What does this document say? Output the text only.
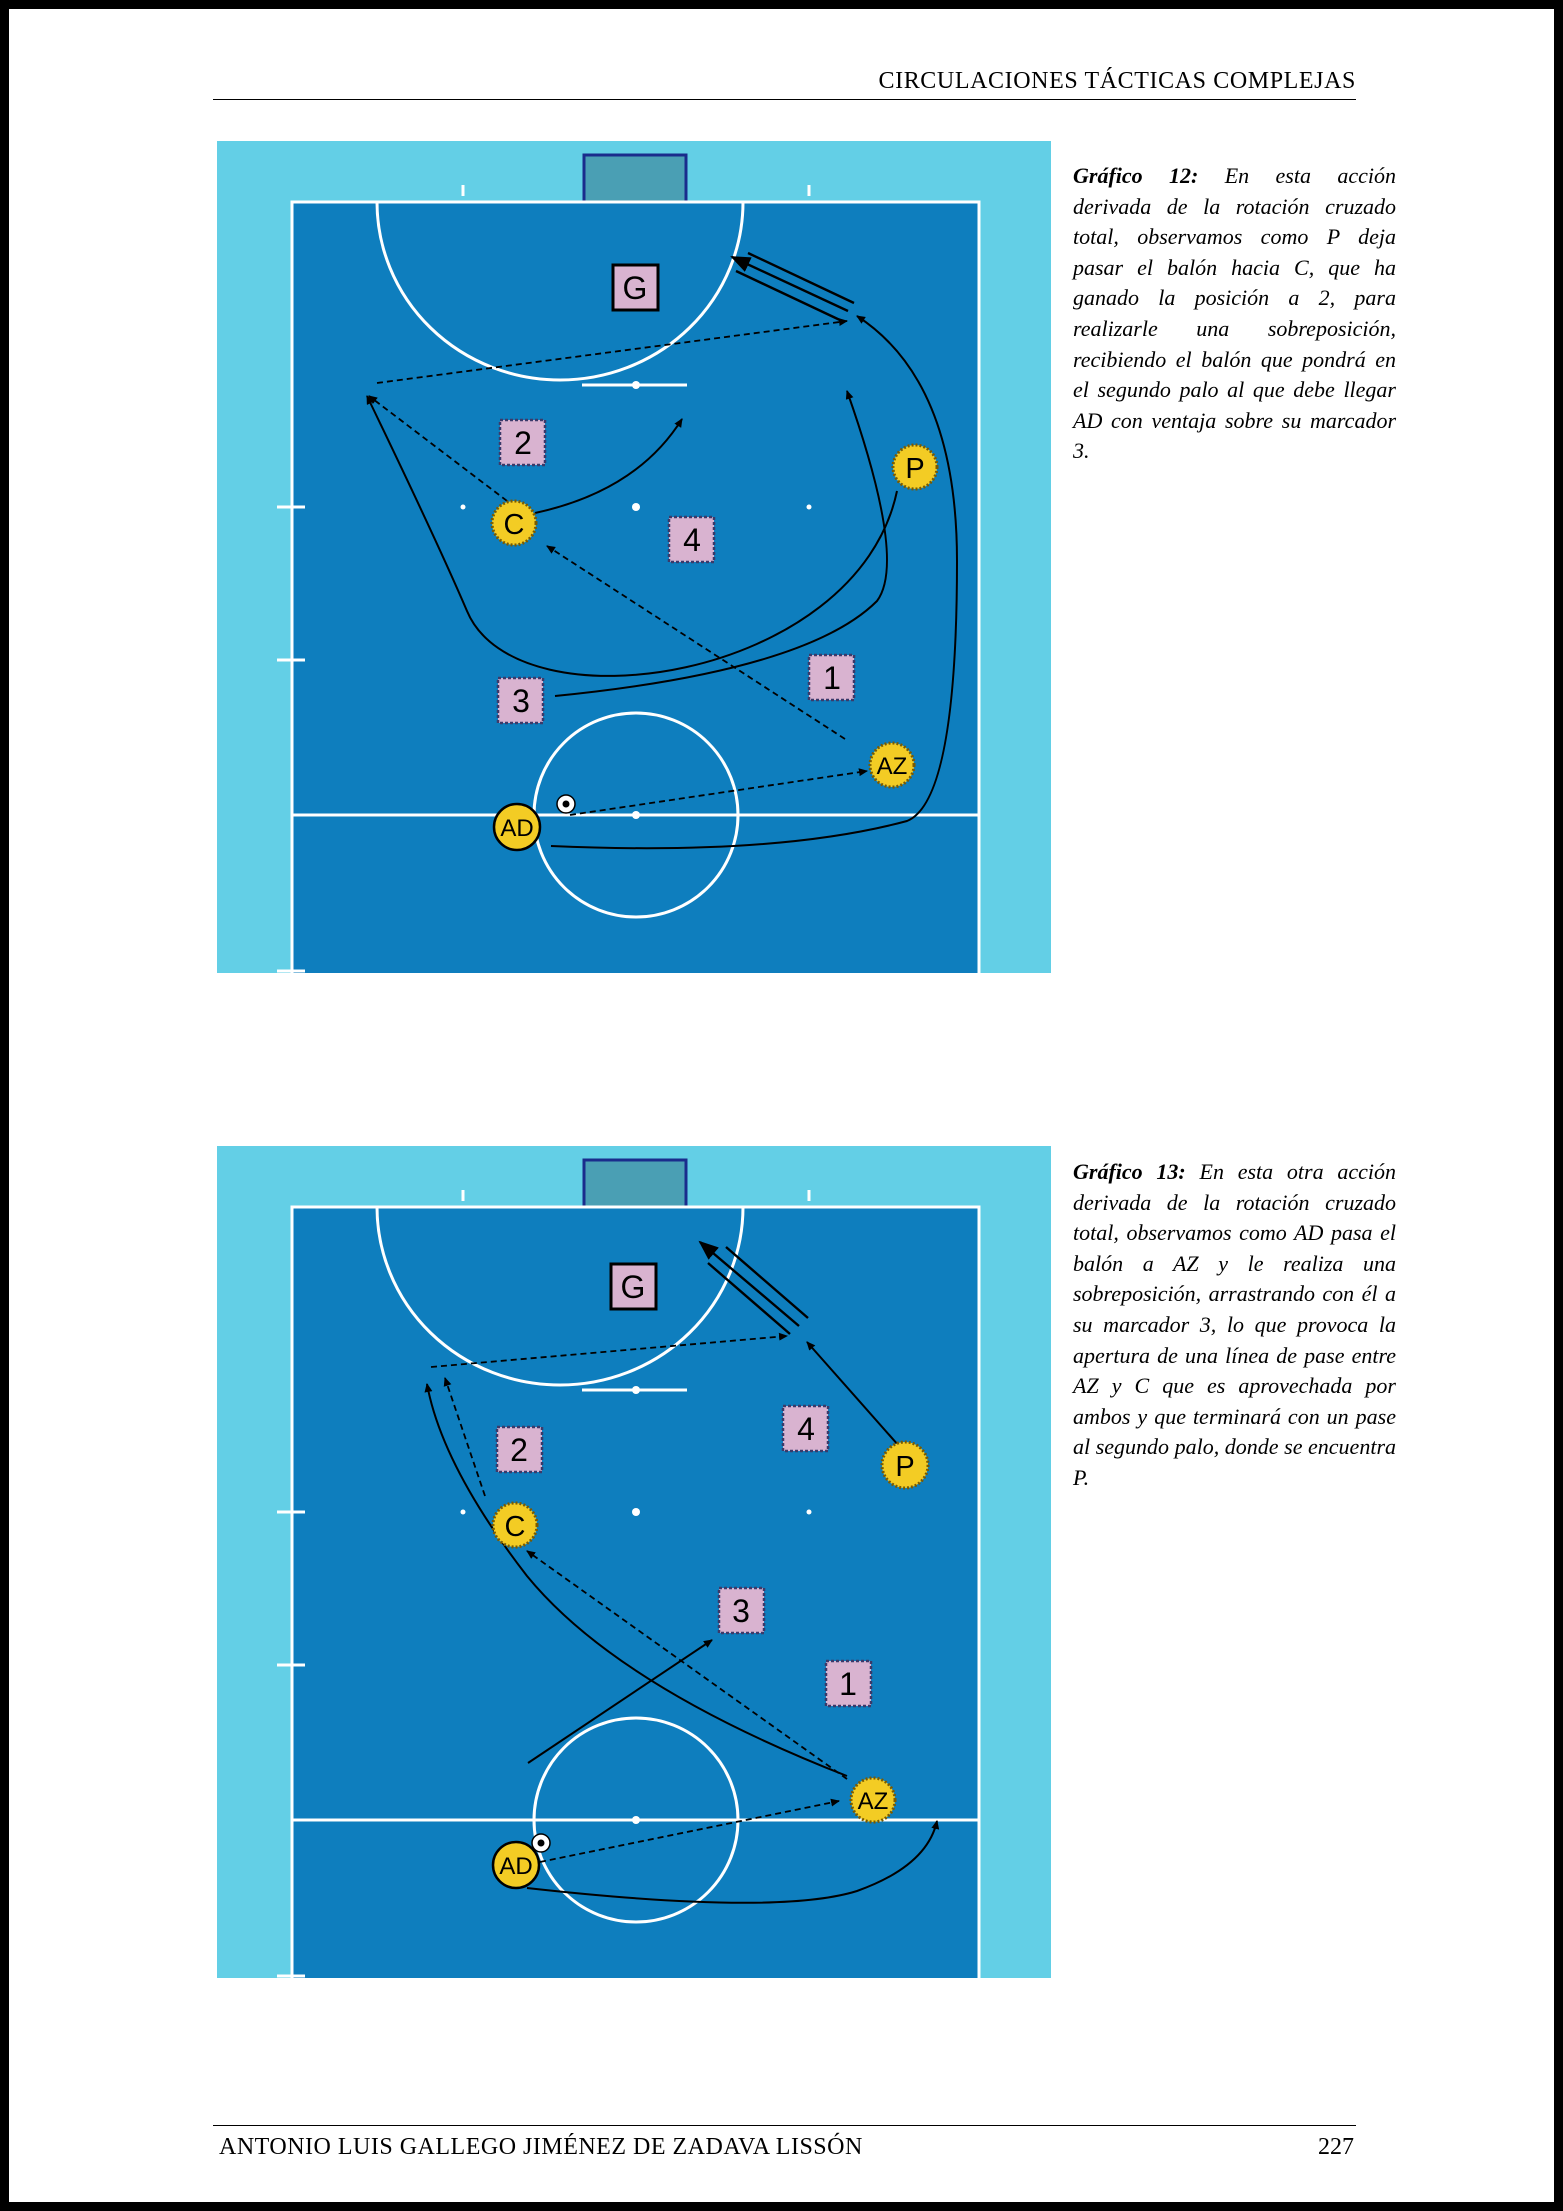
CIRCULACIONES TÁCTICAS COMPLEJAS
G
2
4
3
1
C
P
AZ
AD
Gráfico 12: En esta acción derivada de la rotación cruzado total, observamos como P deja pasar el balón hacia C, que ha ganado la posición a 2, para realizarle una sobreposición, recibiendo el balón que pondrá en el segundo palo al que debe llegar AD con ventaja sobre su marcador 3.
G
2
4
3
1
C
P
AZ
AD
Gráfico 13: En esta otra acción derivada de la rotación cruzado total, observamos como AD pasa el balón a AZ y le realiza una sobreposición, arrastrando con él a su marcador 3, lo que provoca la apertura de una línea de pase entre AZ y C que es aprovechada por ambos y que terminará con un pase al segundo palo, donde se encuentra P.
ANTONIO LUIS GALLEGO JIMÉNEZ DE ZADAVA LISSÓN	227
